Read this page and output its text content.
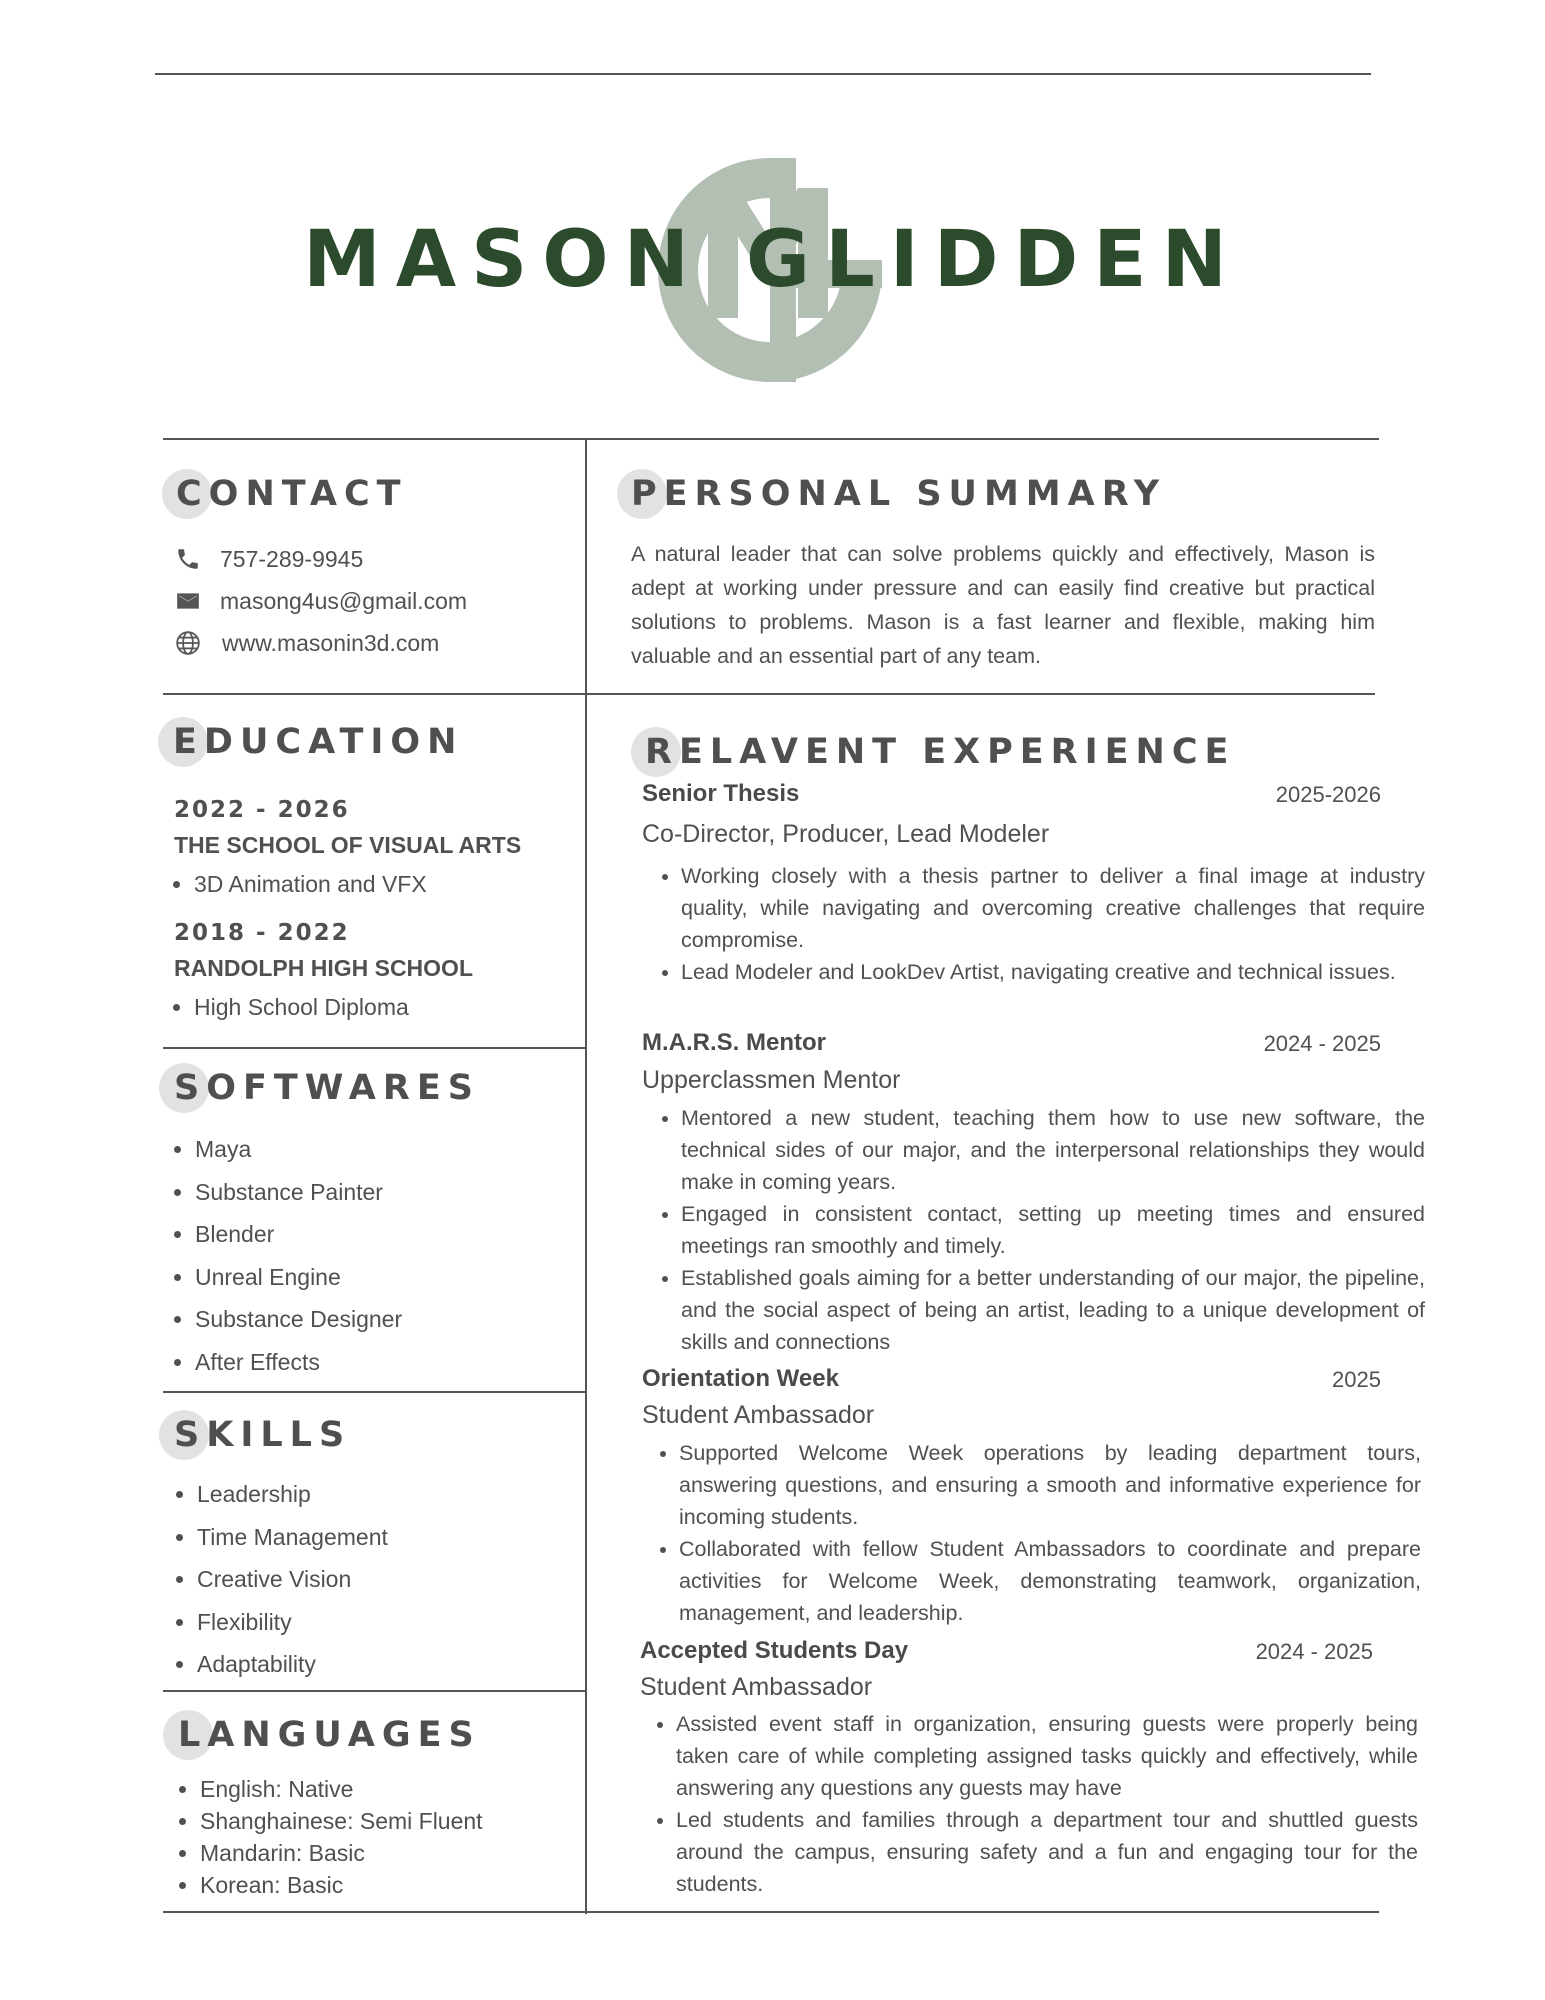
MASON GLIDDEN
CONTACT
757-289-9945
masong4us@gmail.com
www.masonin3d.com
PERSONAL SUMMARY
A natural leader that can solve problems quickly and effectively, Mason is adept at working under pressure and can easily find creative but practical solutions to problems. Mason is a fast learner and flexible, making him valuable and an essential part of any team.
EDUCATION
2022 - 2026
THE SCHOOL OF VISUAL ARTS
• 3D Animation and VFX
2018 - 2022
RANDOLPH HIGH SCHOOL
• High School Diploma
SOFTWARES
• Maya
• Substance Painter
• Blender
• Unreal Engine
• Substance Designer
• After Effects
SKILLS
• Leadership
• Time Management
• Creative Vision
• Flexibility
• Adaptability
LANGUAGES
• English: Native
• Shanghainese: Semi Fluent
• Mandarin: Basic
• Korean: Basic
RELAVENT EXPERIENCE
Senior Thesis	2025-2026
Co-Director, Producer, Lead Modeler
• Working closely with a thesis partner to deliver a final image at industry quality, while navigating and overcoming creative challenges that require compromise.
• Lead Modeler and LookDev Artist, navigating creative and technical issues.
M.A.R.S. Mentor	2024 - 2025
Upperclassmen Mentor
• Mentored a new student, teaching them how to use new software, the technical sides of our major, and the interpersonal relationships they would make in coming years.
• Engaged in consistent contact, setting up meeting times and ensured meetings ran smoothly and timely.
• Established goals aiming for a better understanding of our major, the pipeline, and the social aspect of being an artist, leading to a unique development of skills and connections
Orientation Week	2025
Student Ambassador
• Supported Welcome Week operations by leading department tours, answering questions, and ensuring a smooth and informative experience for incoming students.
• Collaborated with fellow Student Ambassadors to coordinate and prepare activities for Welcome Week, demonstrating teamwork, organization, management, and leadership.
Accepted Students Day	2024 - 2025
Student Ambassador
• Assisted event staff in organization, ensuring guests were properly being taken care of while completing assigned tasks quickly and effectively, while answering any questions any guests may have
• Led students and families through a department tour and shuttled guests around the campus, ensuring safety and a fun and engaging tour for the students.
